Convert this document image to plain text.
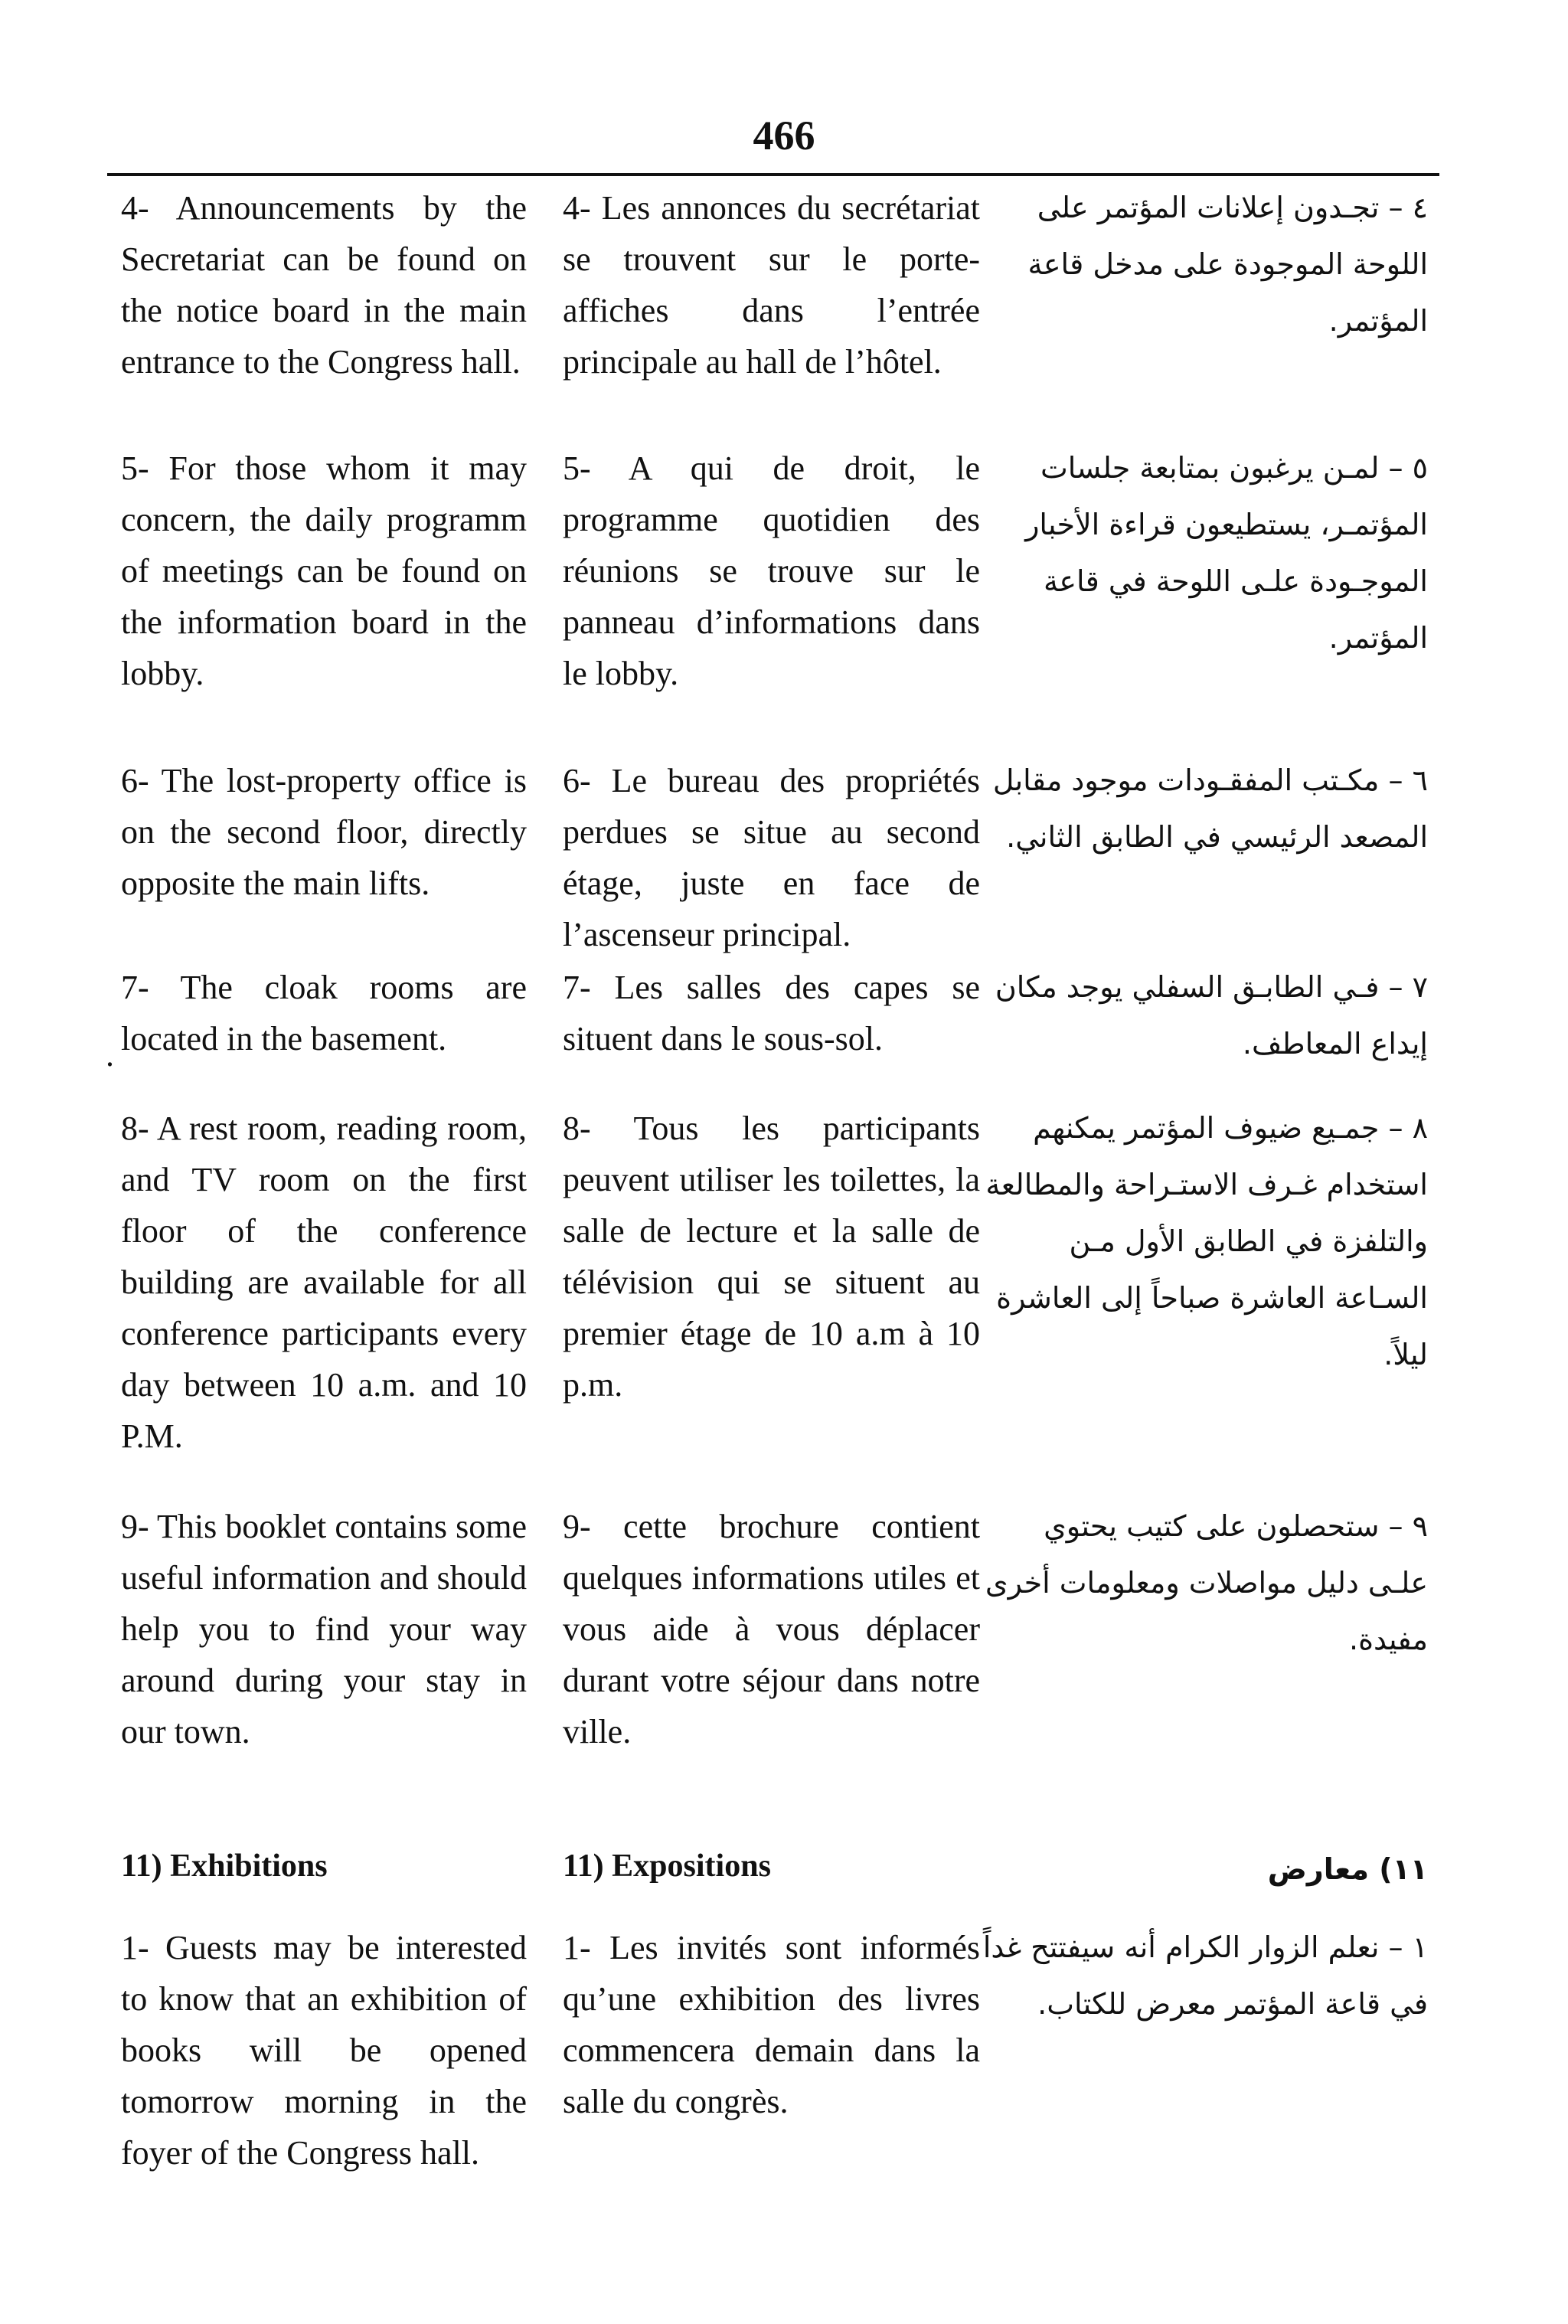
466

4- Announcements by the Secretariat can be found on the notice board in the main entrance to the Congress hall.

4- Les annonces du secrétariat se trouvent sur le porte-affiches dans l’entrée principale au hall de l’hôtel.

٤ – تجـدون إعلانات المؤتمر على اللوحة الموجودة على مدخل قاعة المؤتمر.

5- For those whom it may concern, the daily programm of meetings can be found on the information board in the lobby.

5- A qui de droit, le programme quotidien des réunions se trouve sur le panneau d’informations dans le lobby.

٥ – لمـن يرغبون بمتابعة جلسات المؤتمـر، يستطيعون قراءة الأخبار الموجـودة علـى اللوحة في قاعة المؤتمر.

6- The lost-property office is on the second floor, directly opposite the main lifts.

6- Le bureau des propriétés perdues se situe au second étage, juste en face de l’ascenseur principal.

٦ – مكـتب المفقـودات موجود مقابل المصعد الرئيسي في الطابق الثاني.

7- The cloak rooms are located in the basement.

7- Les salles des capes se situent dans le sous-sol.

٧ – فـي الطابـق السفلي يوجد مكان إيداع المعاطف.

.

8- A rest room, reading room, and TV room on the first floor of the conference building are available for all conference participants every day between 10 a.m. and 10 P.M.

8- Tous les participants peuvent utiliser les toilettes, la salle de lecture et la salle de télévision qui se situent au premier étage de 10 a.m à 10 p.m.

٨ – جمـيع ضيوف المؤتمر يمكنهم استخدام غـرف الاستـراحة والمطالعة والتلفزة في الطابق الأول مـن السـاعة العاشرة صباحاً إلى العاشرة ليلاً.

9- This booklet contains some useful information and should help you to find your way around during your stay in our town.

9- cette brochure contient quelques informations utiles et vous aide à vous déplacer durant votre séjour dans notre ville.

٩ – ستحصلون على كتيب يحتوي علـى دليل مواصلات ومعلومات أخرى مفيدة.

11) Exhibitions	11) Expositions	١١) معارض

1- Guests may be interested to know that an exhibition of books will be opened tomorrow morning in the foyer of the Congress hall.

1- Les invités sont informés qu’une exhibition des livres commencera demain dans la salle du congrès.

١ – نعلم الزوار الكرام أنه سيفتتح غداً في قاعة المؤتمر معرض للكتاب.
